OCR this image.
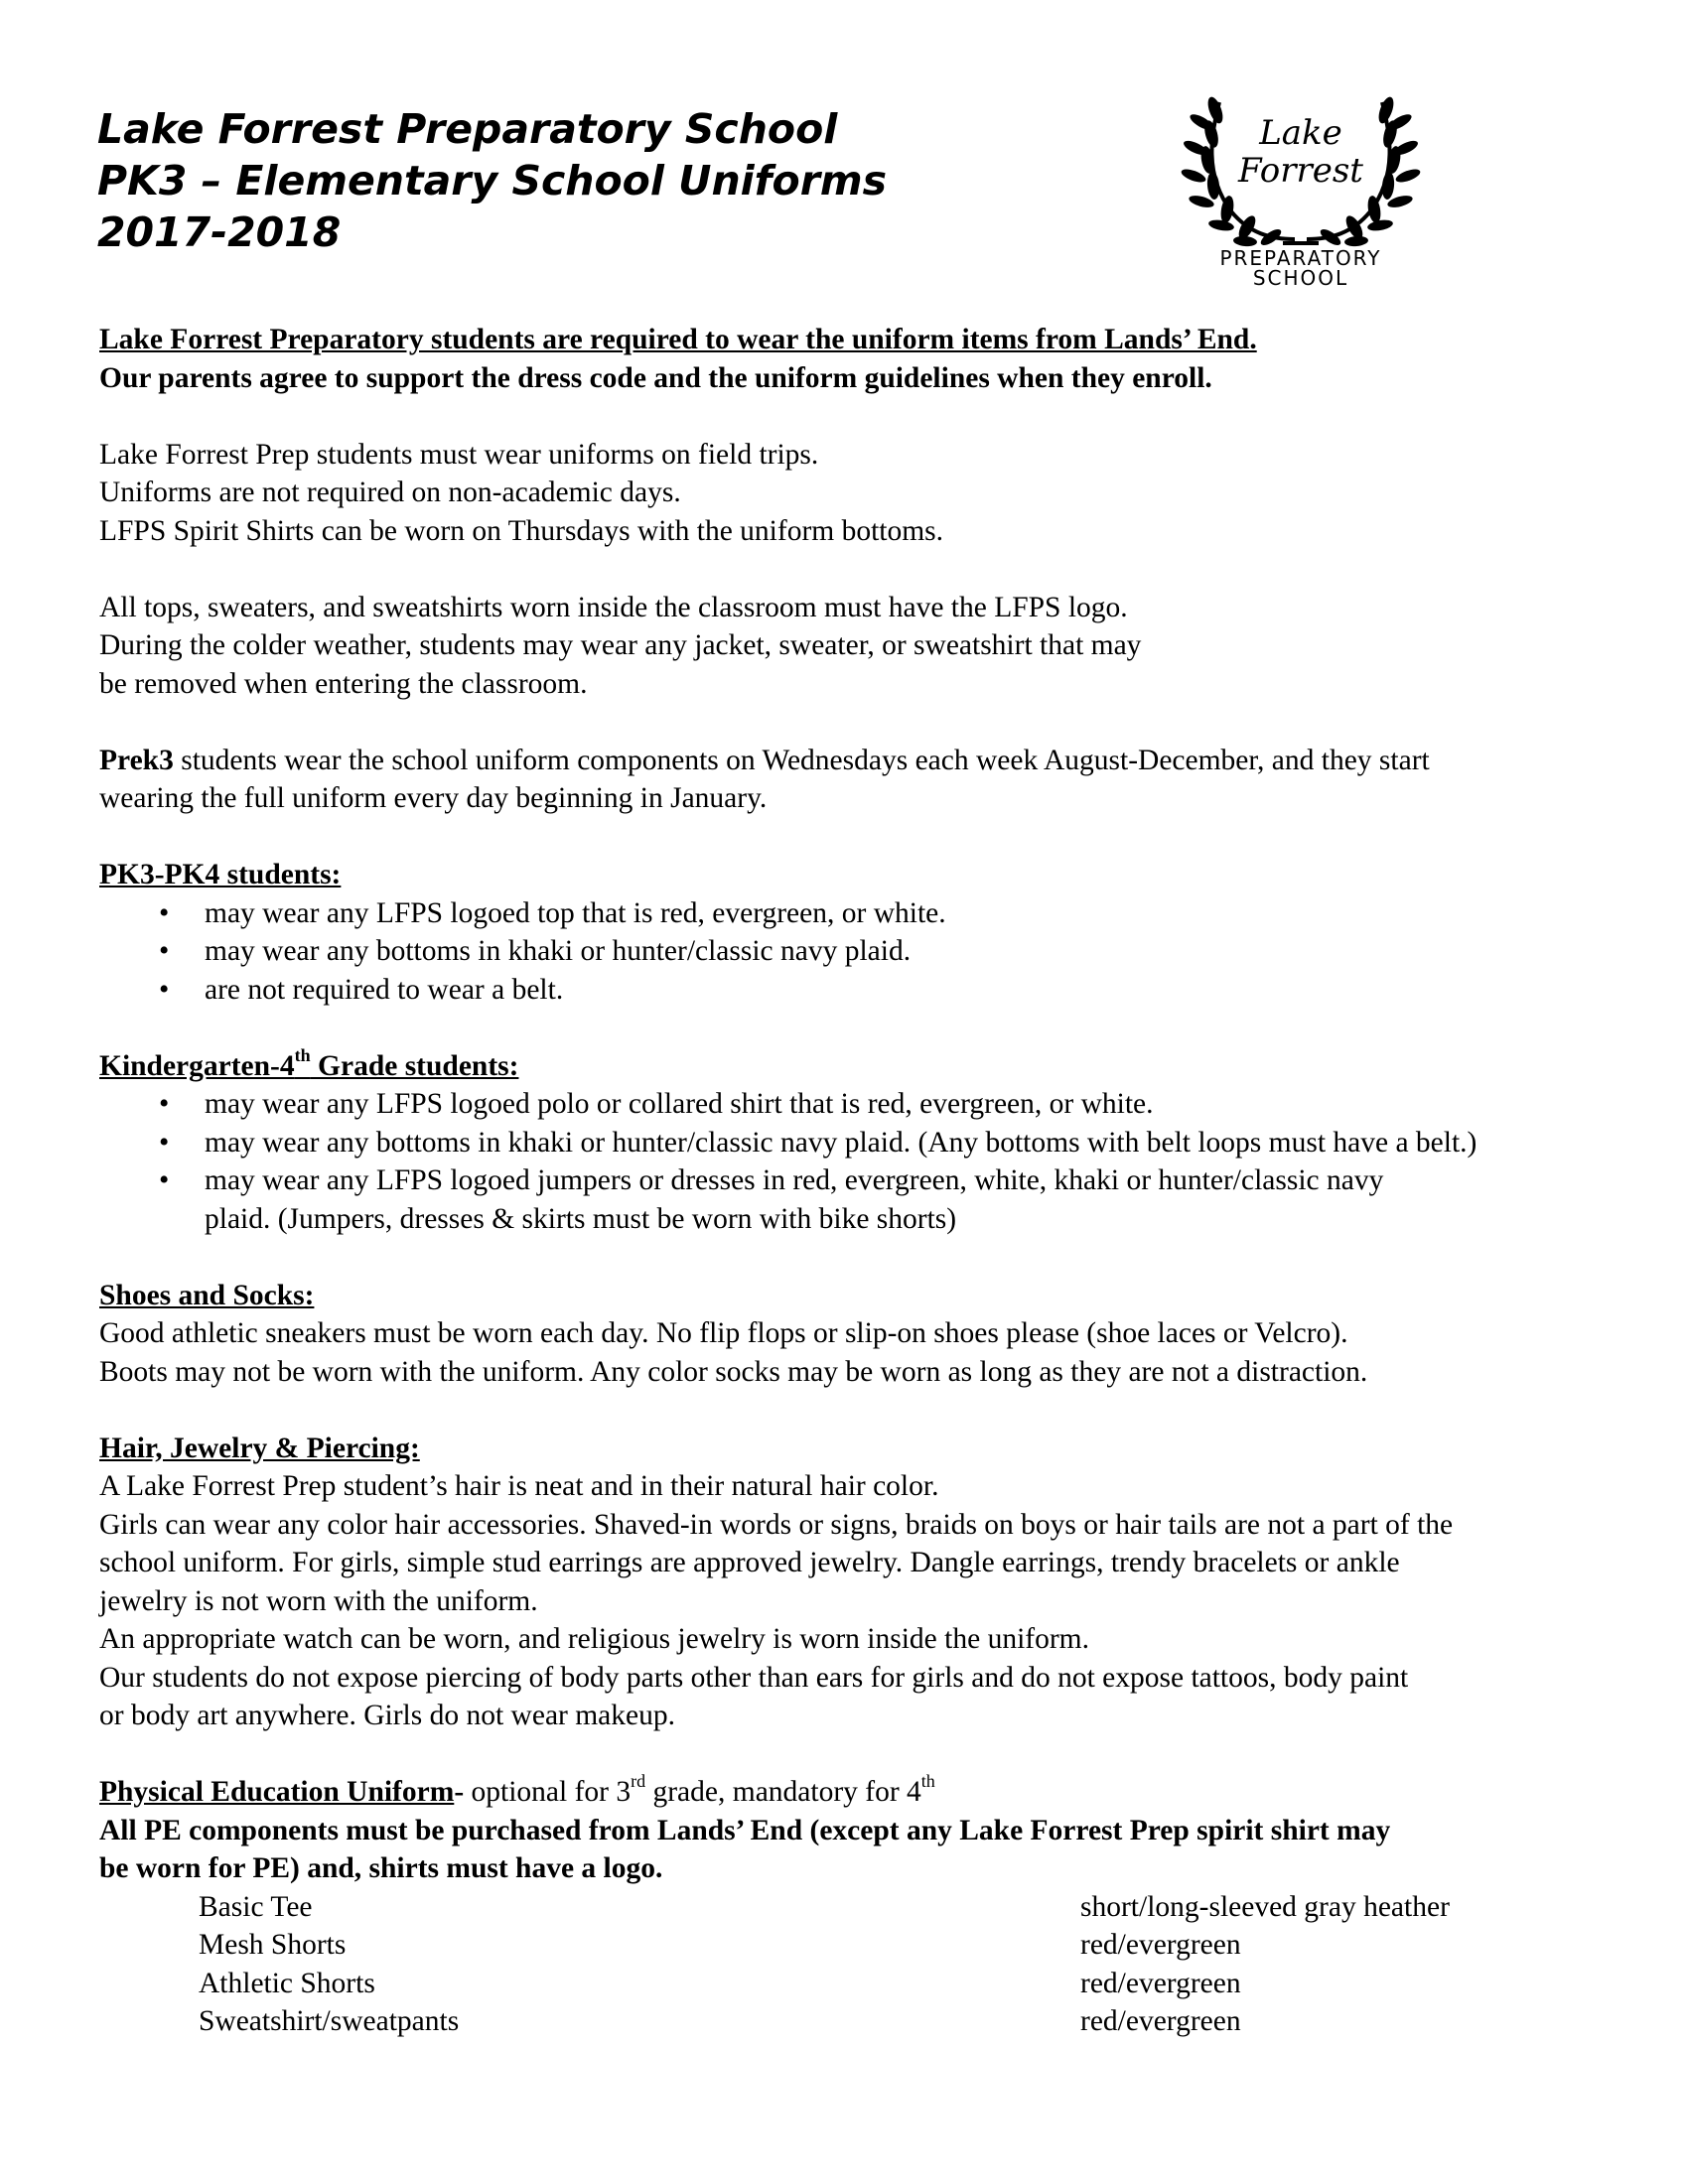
Lake Forrest Preparatory School
PK3 – Elementary School Uniforms
2017-2018
Lake
Forrest
PREPARATORY
SCHOOL
Lake Forrest Preparatory students are required to wear the uniform items from Lands’ End.
Our parents agree to support the dress code and the uniform guidelines when they enroll.
Lake Forrest Prep students must wear uniforms on field trips.
Uniforms are not required on non-academic days.
LFPS Spirit Shirts can be worn on Thursdays with the uniform bottoms.
All tops, sweaters, and sweatshirts worn inside the classroom must have the LFPS logo.
During the colder weather, students may wear any jacket, sweater, or sweatshirt that may
be removed when entering the classroom.
Prek3 students wear the school uniform components on Wednesdays each week August-December, and they start
wearing the full uniform every day beginning in January.
PK3-PK4 students:
• may wear any LFPS logoed top that is red, evergreen, or white.
• may wear any bottoms in khaki or hunter/classic navy plaid.
• are not required to wear a belt.
Kindergarten-4th Grade students:
• may wear any LFPS logoed polo or collared shirt that is red, evergreen, or white.
• may wear any bottoms in khaki or hunter/classic navy plaid. (Any bottoms with belt loops must have a belt.)
• may wear any LFPS logoed jumpers or dresses in red, evergreen, white, khaki or hunter/classic navy
plaid. (Jumpers, dresses & skirts must be worn with bike shorts)
Shoes and Socks:
Good athletic sneakers must be worn each day. No flip flops or slip-on shoes please (shoe laces or Velcro).
Boots may not be worn with the uniform. Any color socks may be worn as long as they are not a distraction.
Hair, Jewelry & Piercing:
A Lake Forrest Prep student’s hair is neat and in their natural hair color.
Girls can wear any color hair accessories. Shaved-in words or signs, braids on boys or hair tails are not a part of the
school uniform. For girls, simple stud earrings are approved jewelry. Dangle earrings, trendy bracelets or ankle
jewelry is not worn with the uniform.
An appropriate watch can be worn, and religious jewelry is worn inside the uniform.
Our students do not expose piercing of body parts other than ears for girls and do not expose tattoos, body paint
or body art anywhere. Girls do not wear makeup.
Physical Education Uniform- optional for 3rd grade, mandatory for 4th
All PE components must be purchased from Lands’ End (except any Lake Forrest Prep spirit shirt may
be worn for PE) and, shirts must have a logo.
Basic Tee	short/long-sleeved gray heather
Mesh Shorts	red/evergreen
Athletic Shorts	red/evergreen
Sweatshirt/sweatpants	red/evergreen
